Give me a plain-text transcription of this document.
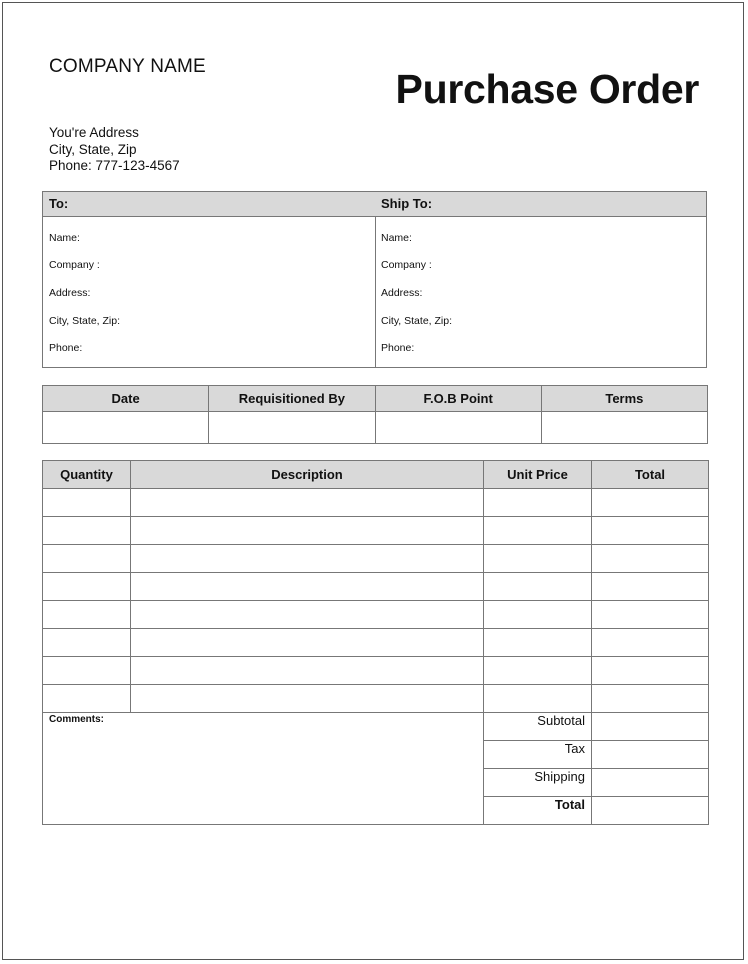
COMPANY NAME	Purchase Order
You're Address
City, State, Zip
Phone: 777-123-4567
To:
Name:
Company :
Address:
City, State, Zip:
Phone:
Ship To:
Name:
Company :
Address:
City, State, Zip:
Phone:
Date	Requisitioned By	F.O.B Point	Terms

Quantity	Description	Unit Price	Total

Comments:		Subtotal	
		Tax	
		Shipping	
		Total	
